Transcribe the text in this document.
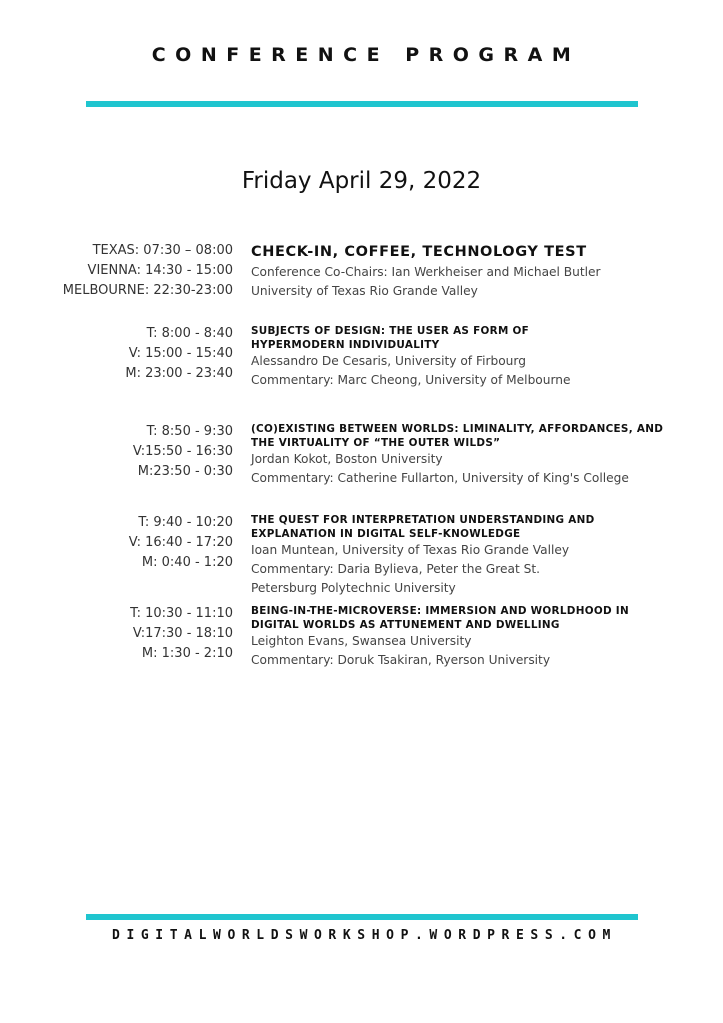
CONFERENCE PROGRAM
Friday April 29, 2022
TEXAS: 07:30 – 08:00
VIENNA: 14:30 - 15:00
MELBOURNE: 22:30-23:00
CHECK-IN, COFFEE, TECHNOLOGY TEST
Conference Co-Chairs: Ian Werkheiser and Michael Butler
University of Texas Rio Grande Valley
T: 8:00 - 8:40
V: 15:00 - 15:40
M: 23:00 - 23:40
SUBJECTS OF DESIGN: THE USER AS FORM OF HYPERMODERN INDIVIDUALITY
Alessandro De Cesaris, University of Firbourg
Commentary: Marc Cheong, University of Melbourne
T: 8:50 - 9:30
V:15:50 - 16:30
M:23:50 - 0:30
(CO)EXISTING BETWEEN WORLDS: LIMINALITY, AFFORDANCES, AND THE VIRTUALITY OF “THE OUTER WILDS”
Jordan Kokot, Boston University
Commentary: Catherine Fullarton, University of King's College
T: 9:40 - 10:20
V: 16:40 - 17:20
M: 0:40 - 1:20
THE QUEST FOR INTERPRETATION UNDERSTANDING AND EXPLANATION IN DIGITAL SELF-KNOWLEDGE
Ioan Muntean, University of Texas Rio Grande Valley
Commentary: Daria Bylieva, Peter the Great St.
Petersburg Polytechnic University
T: 10:30 - 11:10
V:17:30 - 18:10
M: 1:30 - 2:10
BEING-IN-THE-MICROVERSE: IMMERSION AND WORLDHOOD IN DIGITAL WORLDS AS ATTUNEMENT AND DWELLING
Leighton Evans, Swansea University
Commentary: Doruk Tsakiran, Ryerson University
DIGITALWORLDSWORKSHOP.WORDPRESS.COM
